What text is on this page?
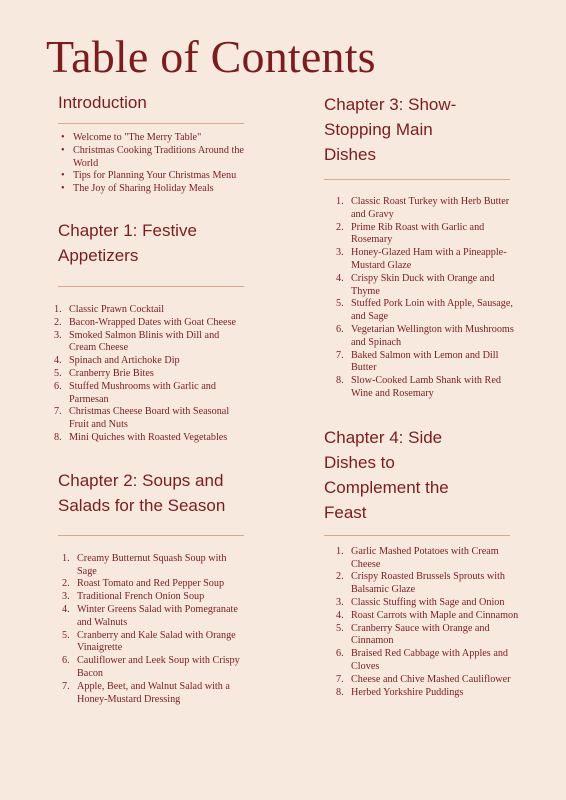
Table of Contents
Introduction
• Welcome to "The Merry Table"
• Christmas Cooking Traditions Around the World
• Tips for Planning Your Christmas Menu
• The Joy of Sharing Holiday Meals
Chapter 1: Festive Appetizers
1. Classic Prawn Cocktail
2. Bacon-Wrapped Dates with Goat Cheese
3. Smoked Salmon Blinis with Dill and Cream Cheese
4. Spinach and Artichoke Dip
5. Cranberry Brie Bites
6. Stuffed Mushrooms with Garlic and Parmesan
7. Christmas Cheese Board with Seasonal Fruit and Nuts
8. Mini Quiches with Roasted Vegetables
Chapter 2: Soups and Salads for the Season
1. Creamy Butternut Squash Soup with Sage
2. Roast Tomato and Red Pepper Soup
3. Traditional French Onion Soup
4. Winter Greens Salad with Pomegranate and Walnuts
5. Cranberry and Kale Salad with Orange Vinaigrette
6. Cauliflower and Leek Soup with Crispy Bacon
7. Apple, Beet, and Walnut Salad with a Honey-Mustard Dressing
Chapter 3: Show-Stopping Main Dishes
1. Classic Roast Turkey with Herb Butter and Gravy
2. Prime Rib Roast with Garlic and Rosemary
3. Honey-Glazed Ham with a Pineapple-Mustard Glaze
4. Crispy Skin Duck with Orange and Thyme
5. Stuffed Pork Loin with Apple, Sausage, and Sage
6. Vegetarian Wellington with Mushrooms and Spinach
7. Baked Salmon with Lemon and Dill Butter
8. Slow-Cooked Lamb Shank with Red Wine and Rosemary
Chapter 4: Side Dishes to Complement the Feast
1. Garlic Mashed Potatoes with Cream Cheese
2. Crispy Roasted Brussels Sprouts with Balsamic Glaze
3. Classic Stuffing with Sage and Onion
4. Roast Carrots with Maple and Cinnamon
5. Cranberry Sauce with Orange and Cinnamon
6. Braised Red Cabbage with Apples and Cloves
7. Cheese and Chive Mashed Cauliflower
8. Herbed Yorkshire Puddings
